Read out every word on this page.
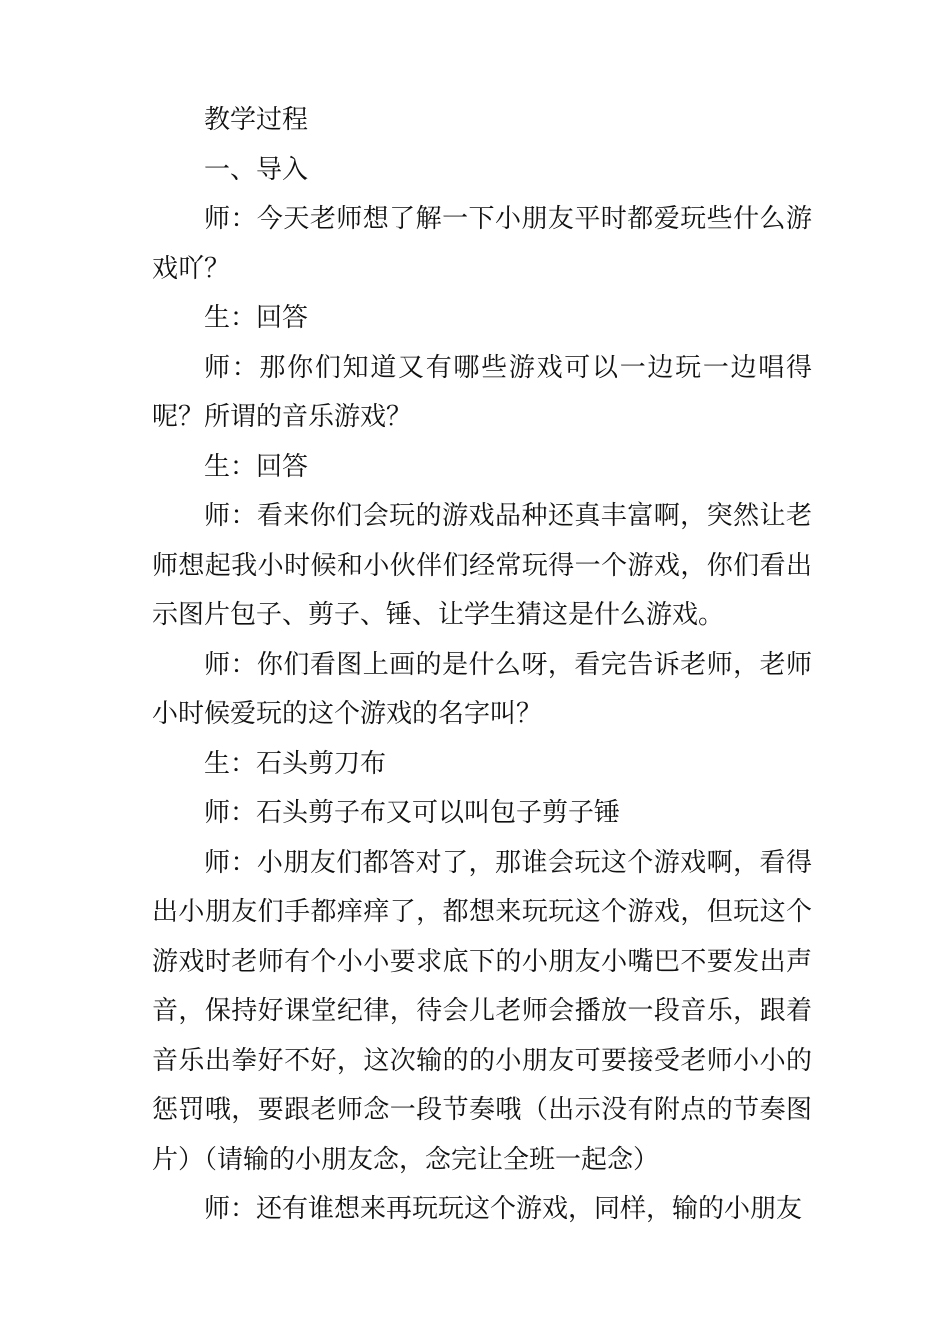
教学过程

一、导入

师：今天老师想了解一下小朋友平时都爱玩些什么游戏吖？

生：回答

师：那你们知道又有哪些游戏可以一边玩一边唱得呢？所谓的音乐游戏？

生：回答

师：看来你们会玩的游戏品种还真丰富啊，突然让老师想起我小时候和小伙伴们经常玩得一个游戏，你们看出示图片包子、剪子、锤、让学生猜这是什么游戏。

师：你们看图上画的是什么呀，看完告诉老师，老师小时候爱玩的这个游戏的名字叫？

生：石头剪刀布

师：石头剪子布又可以叫包子剪子锤

师：小朋友们都答对了，那谁会玩这个游戏啊，看得出小朋友们手都痒痒了，都想来玩玩这个游戏，但玩这个游戏时老师有个小小要求底下的小朋友小嘴巴不要发出声音，保持好课堂纪律，待会儿老师会播放一段音乐，跟着音乐出拳好不好，这次输的的小朋友可要接受老师小小的惩罚哦，要跟老师念一段节奏哦（出示没有附点的节奏图片）（请输的小朋友念，念完让全班一起念）

师：还有谁想来再玩玩这个游戏，同样，输的小朋友
